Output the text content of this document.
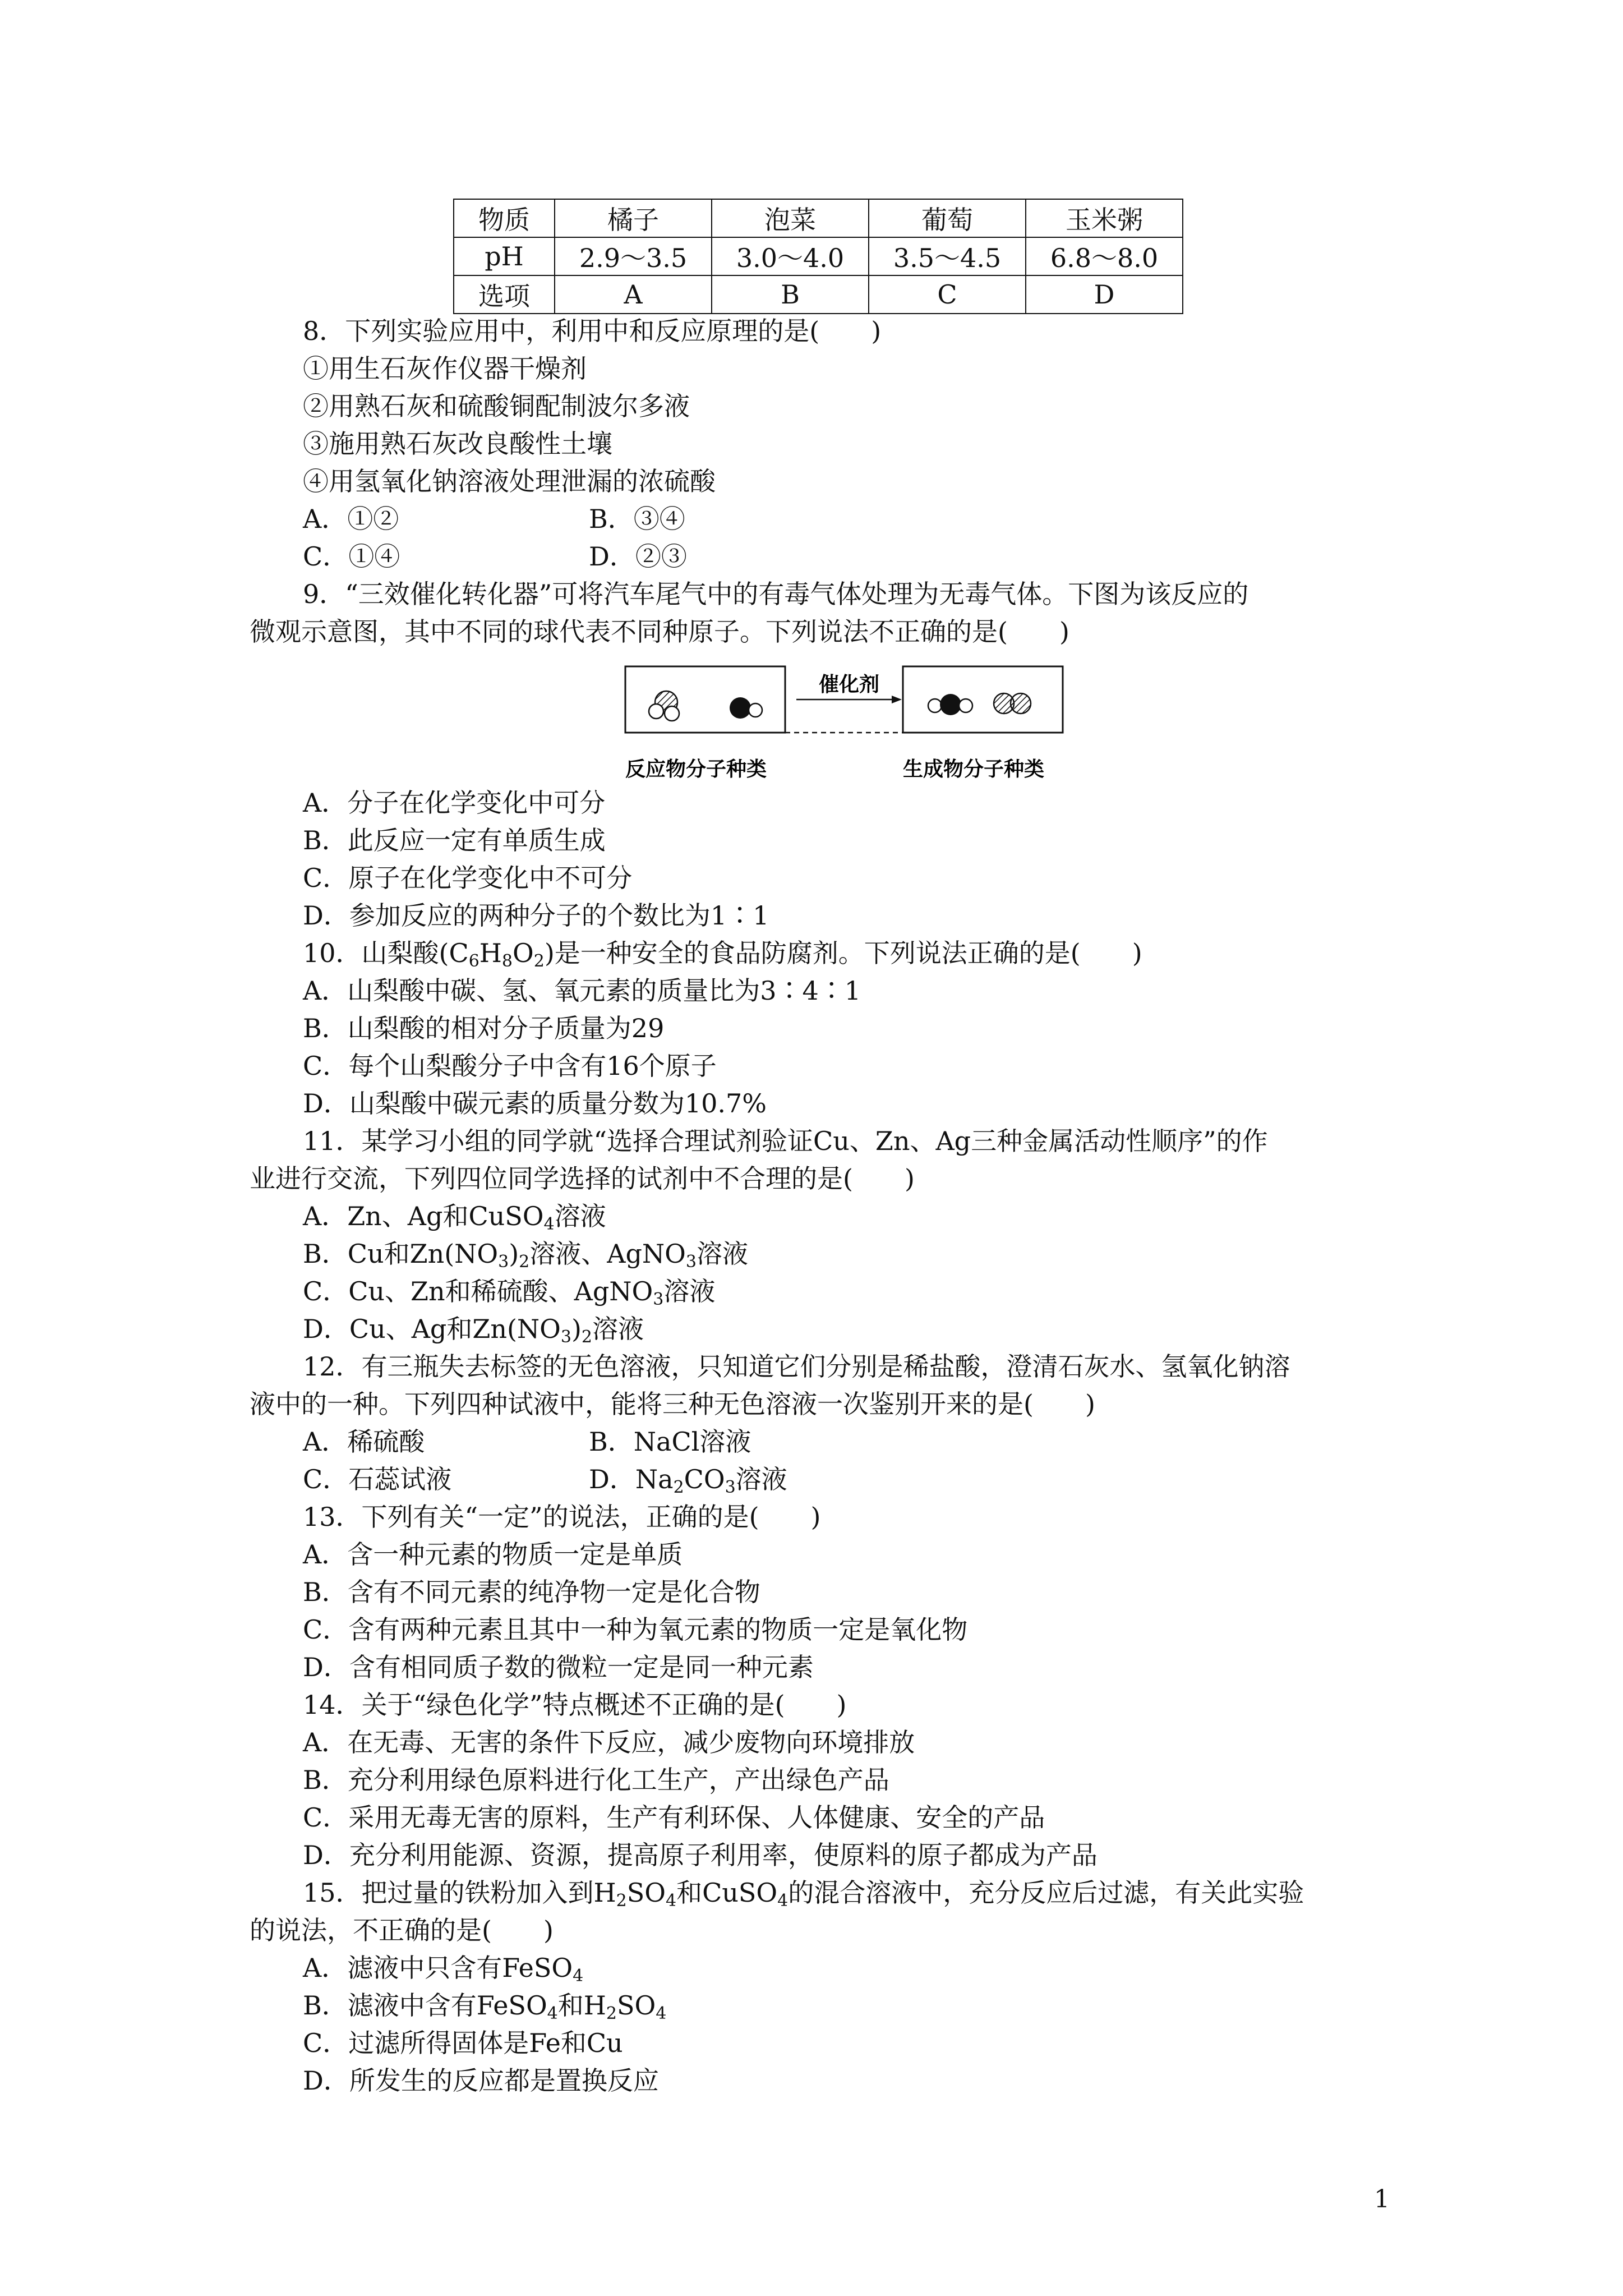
物质	橘子	泡菜	葡萄	玉米粥
pH	2.9～3.5	3.0～4.0	3.5～4.5	6.8～8.0
选项	A	B	C	D
8．下列实验应用中，利用中和反应原理的是(　　)
①用生石灰作仪器干燥剂
②用熟石灰和硫酸铜配制波尔多液
③施用熟石灰改良酸性土壤
④用氢氧化钠溶液处理泄漏的浓硫酸
A．①②	B．③④
C．①④	D．②③
9．“三效催化转化器”可将汽车尾气中的有毒气体处理为无毒气体。下图为该反应的
微观示意图，其中不同的球代表不同种原子。下列说法不正确的是(　　)
催化剂
反应物分子种类	生成物分子种类
A．分子在化学变化中可分
B．此反应一定有单质生成
C．原子在化学变化中不可分
D．参加反应的两种分子的个数比为1∶1
10．山梨酸$(C_6H_8O_2)$是一种安全的食品防腐剂。下列说法正确的是(　　)
A．山梨酸中碳、氢、氧元素的质量比为3∶4∶1
B．山梨酸的相对分子质量为29
C．每个山梨酸分子中含有16个原子
D．山梨酸中碳元素的质量分数为10.7%
11．某学习小组的同学就“选择合理试剂验证Cu、Zn、Ag三种金属活动性顺序”的作
业进行交流，下列四位同学选择的试剂中不合理的是(　　)
A．Zn、Ag和CuSO$_4$溶液
B．Cu和$Zn(NO_3)_2$溶液、AgNO$_3$溶液
C．Cu、Zn和稀硫酸、AgNO$_3$溶液
D．Cu、Ag和$Zn(NO_3)_2$溶液
12．有三瓶失去标签的无色溶液，只知道它们分别是稀盐酸，澄清石灰水、氢氧化钠溶
液中的一种。下列四种试液中，能将三种无色溶液一次鉴别开来的是(　　)
A．稀硫酸	B．NaCl溶液
C．石蕊试液	D．$Na_2CO_3$溶液
13．下列有关“一定”的说法，正确的是(　　)
A．含一种元素的物质一定是单质
B．含有不同元素的纯净物一定是化合物
C．含有两种元素且其中一种为氧元素的物质一定是氧化物
D．含有相同质子数的微粒一定是同一种元素
14．关于“绿色化学”特点概述不正确的是(　　)
A．在无毒、无害的条件下反应，减少废物向环境排放
B．充分利用绿色原料进行化工生产，产出绿色产品
C．采用无毒无害的原料，生产有利环保、人体健康、安全的产品
D．充分利用能源、资源，提高原子利用率，使原料的原子都成为产品
15．把过量的铁粉加入到$H_2SO_4$和CuSO$_4$的混合溶液中，充分反应后过滤，有关此实验
的说法，不正确的是(　　)
A．滤液中只含有FeSO$_4$
B．滤液中含有FeSO$_4$和$H_2SO_4$
C．过滤所得固体是Fe和Cu
D．所发生的反应都是置换反应
1
